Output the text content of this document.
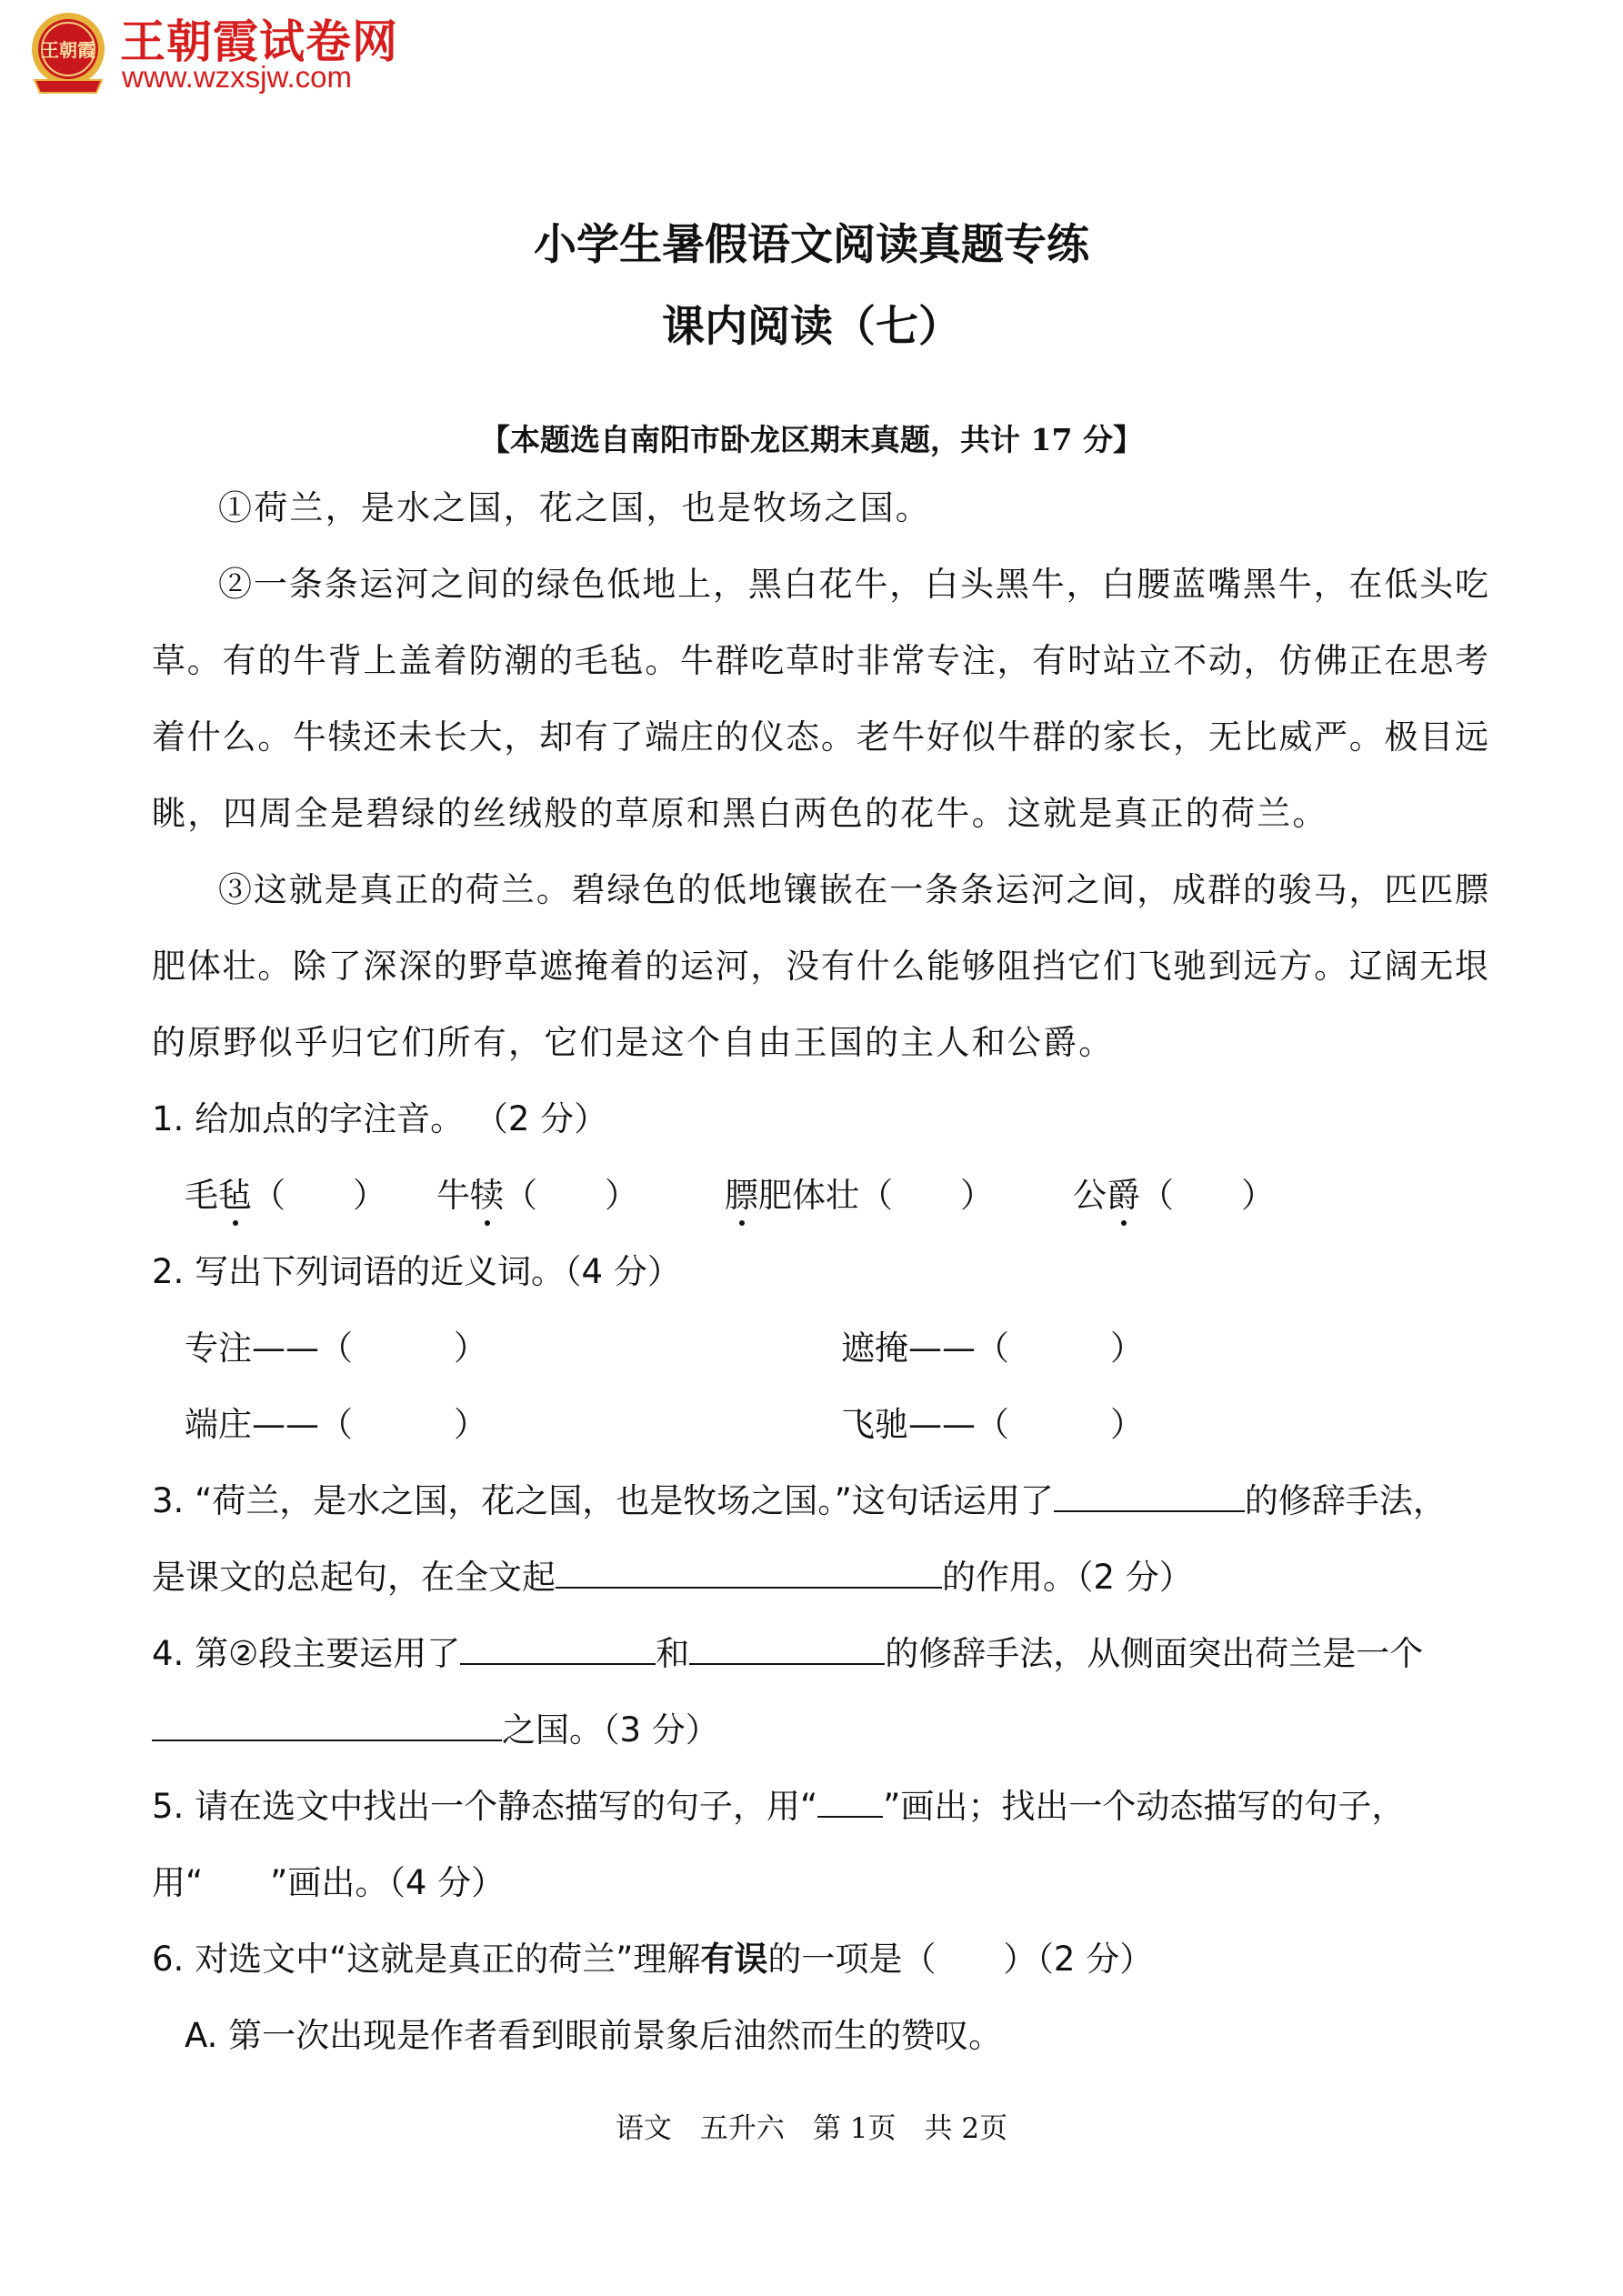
王朝霞 王朝霞试卷网
www.wzxsjw.com
小学生暑假语文阅读真题专练
课内阅读（七）
【本题选自南阳市卧龙区期末真题，共计 17 分】
①荷兰，是水之国，花之国，也是牧场之国。
②一条条运河之间的绿色低地上，黑白花牛，白头黑牛，白腰蓝嘴黑牛，在低头吃
草。有的牛背上盖着防潮的毛毡。牛群吃草时非常专注，有时站立不动，仿佛正在思考
着什么。牛犊还未长大，却有了端庄的仪态。老牛好似牛群的家长，无比威严。极目远
眺，四周全是碧绿的丝绒般的草原和黑白两色的花牛。这就是真正的荷兰。
③这就是真正的荷兰。碧绿色的低地镶嵌在一条条运河之间，成群的骏马，匹匹膘
肥体壮。除了深深的野草遮掩着的运河，没有什么能够阻挡它们飞驰到远方。辽阔无垠
的原野似乎归它们所有，它们是这个自由王国的主人和公爵。
1. 给加点的字注音。 （2 分）
毛毡（　　） 牛犊（　　）	膘肥体壮（　　） 公爵（　　）
2. 写出下列词语的近义词。（4 分）
专注——（　　　）	遮掩——（　　　）
端庄——（　　　）	飞驰——（　　　）
3. “荷兰，是水之国，花之国，也是牧场之国。”这句话运用了	的修辞手法，
是课文的总起句，在全文起	的作用。（2 分）
4. 第②段主要运用了	和	的修辞手法，从侧面突出荷兰是一个
之国。（3 分）
5. 请在选文中找出一个静态描写的句子，用“ ”画出；找出一个动态描写的句子，
用“　　”画出。（4 分）
6. 对选文中“这就是真正的荷兰”理解有误的一项是（　　）（2 分）
A. 第一次出现是作者看到眼前景象后油然而生的赞叹。
语文　五升六　第 1页　共 2页
